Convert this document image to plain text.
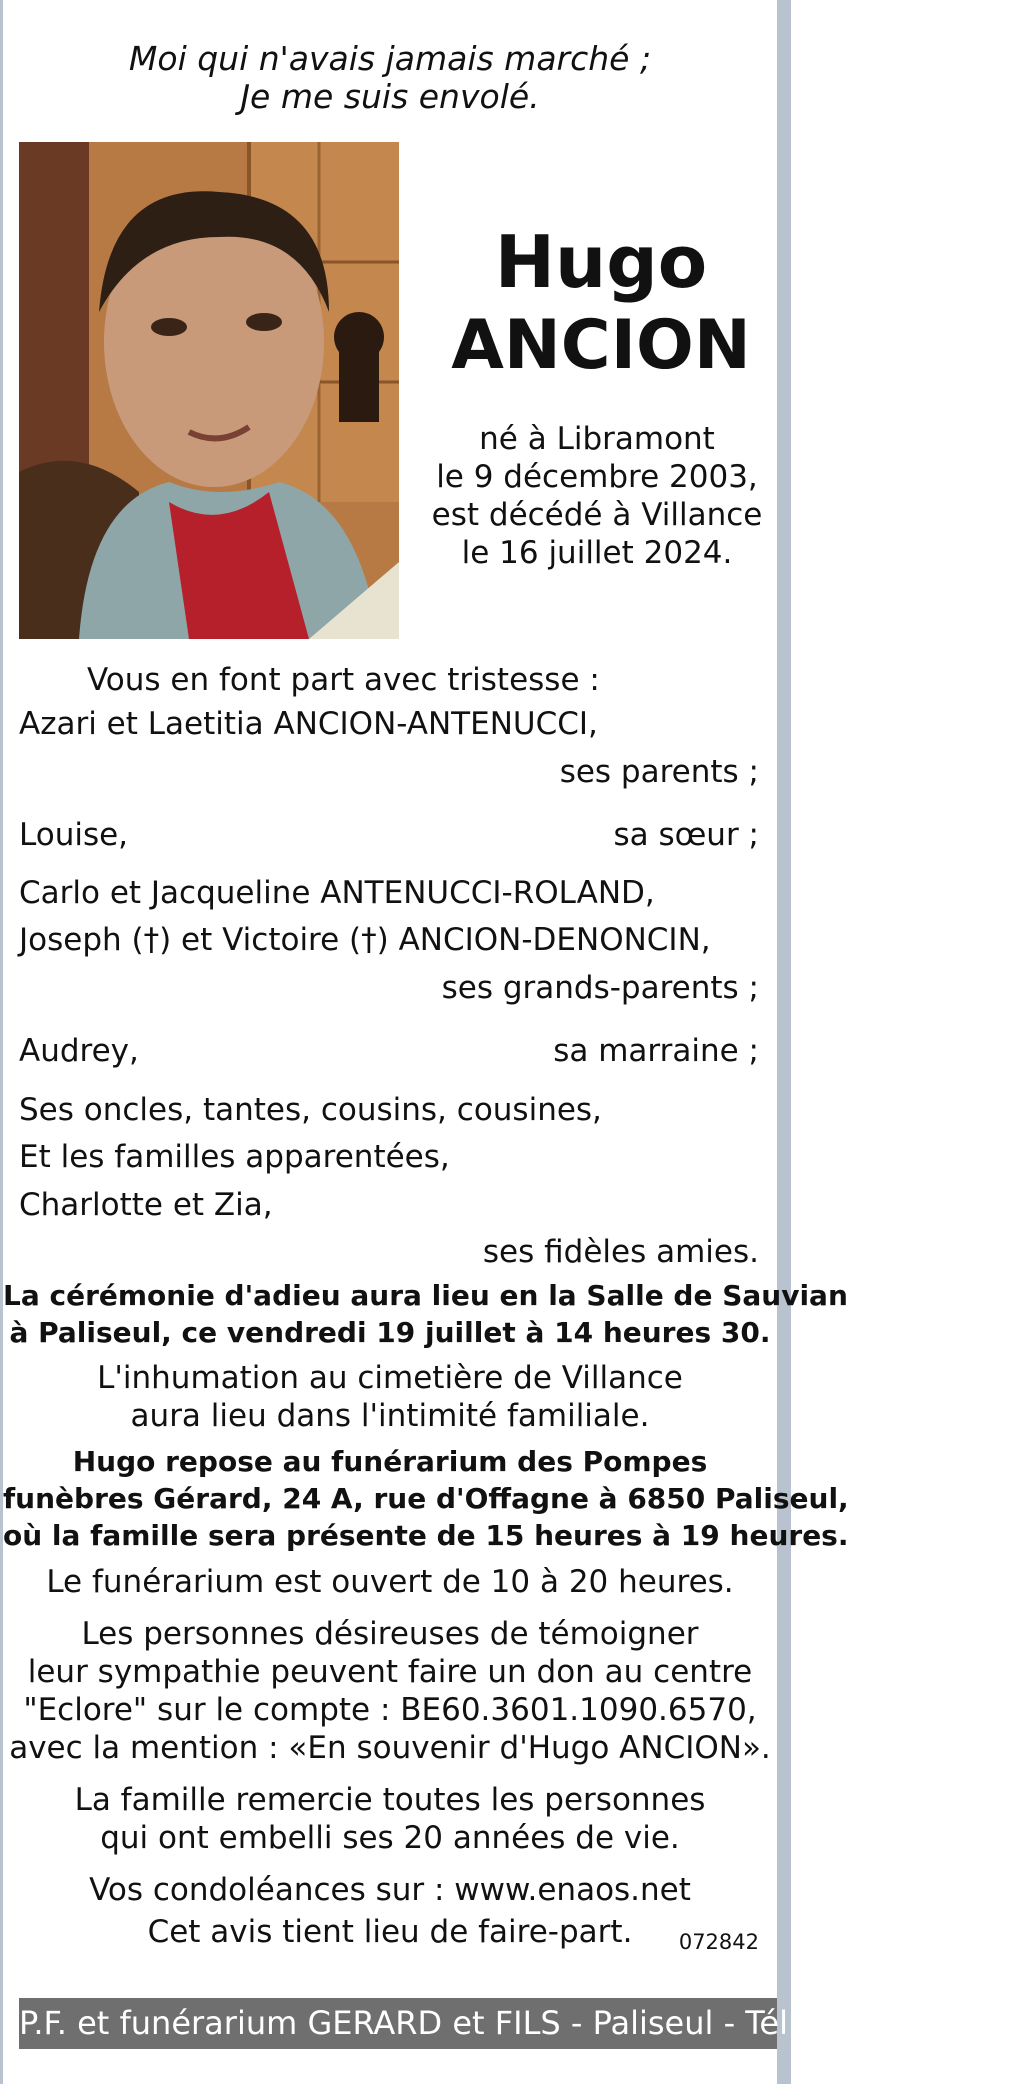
Moi qui n'avais jamais marché ;
Je me suis envolé.
Hugo
ANCION
né à Libramont
le 9 décembre 2003,
est décédé à Villance
le 16 juillet 2024.
Vous en font part avec tristesse :
Azari et Laetitia ANCION-ANTENUCCI,
ses parents ;
Louise,	sa sœur ;
Carlo et Jacqueline ANTENUCCI-ROLAND,
Joseph (†) et Victoire (†) ANCION-DENONCIN,
ses grands-parents ;
Audrey,	sa marraine ;
Ses oncles, tantes, cousins, cousines,
Et les familles apparentées,
Charlotte et Zia,
ses fidèles amies.
La cérémonie d'adieu aura lieu en la Salle de Sauvian
à Paliseul, ce vendredi 19 juillet à 14 heures 30.
L'inhumation au cimetière de Villance
aura lieu dans l'intimité familiale.
Hugo repose au funérarium des Pompes
funèbres Gérard, 24 A, rue d'Offagne à 6850 Paliseul,
où la famille sera présente de 15 heures à 19 heures.
Le funérarium est ouvert de 10 à 20 heures.
Les personnes désireuses de témoigner
leur sympathie peuvent faire un don au centre
"Eclore" sur le compte : BE60.3601.1090.6570,
avec la mention : «En souvenir d'Hugo ANCION».
La famille remercie toutes les personnes
qui ont embelli ses 20 années de vie.
Vos condoléances sur : www.enaos.net
Cet avis tient lieu de faire-part.	072842
P.F. et funérarium GERARD et FILS - Paliseul - Tél. 061 53 32 84
